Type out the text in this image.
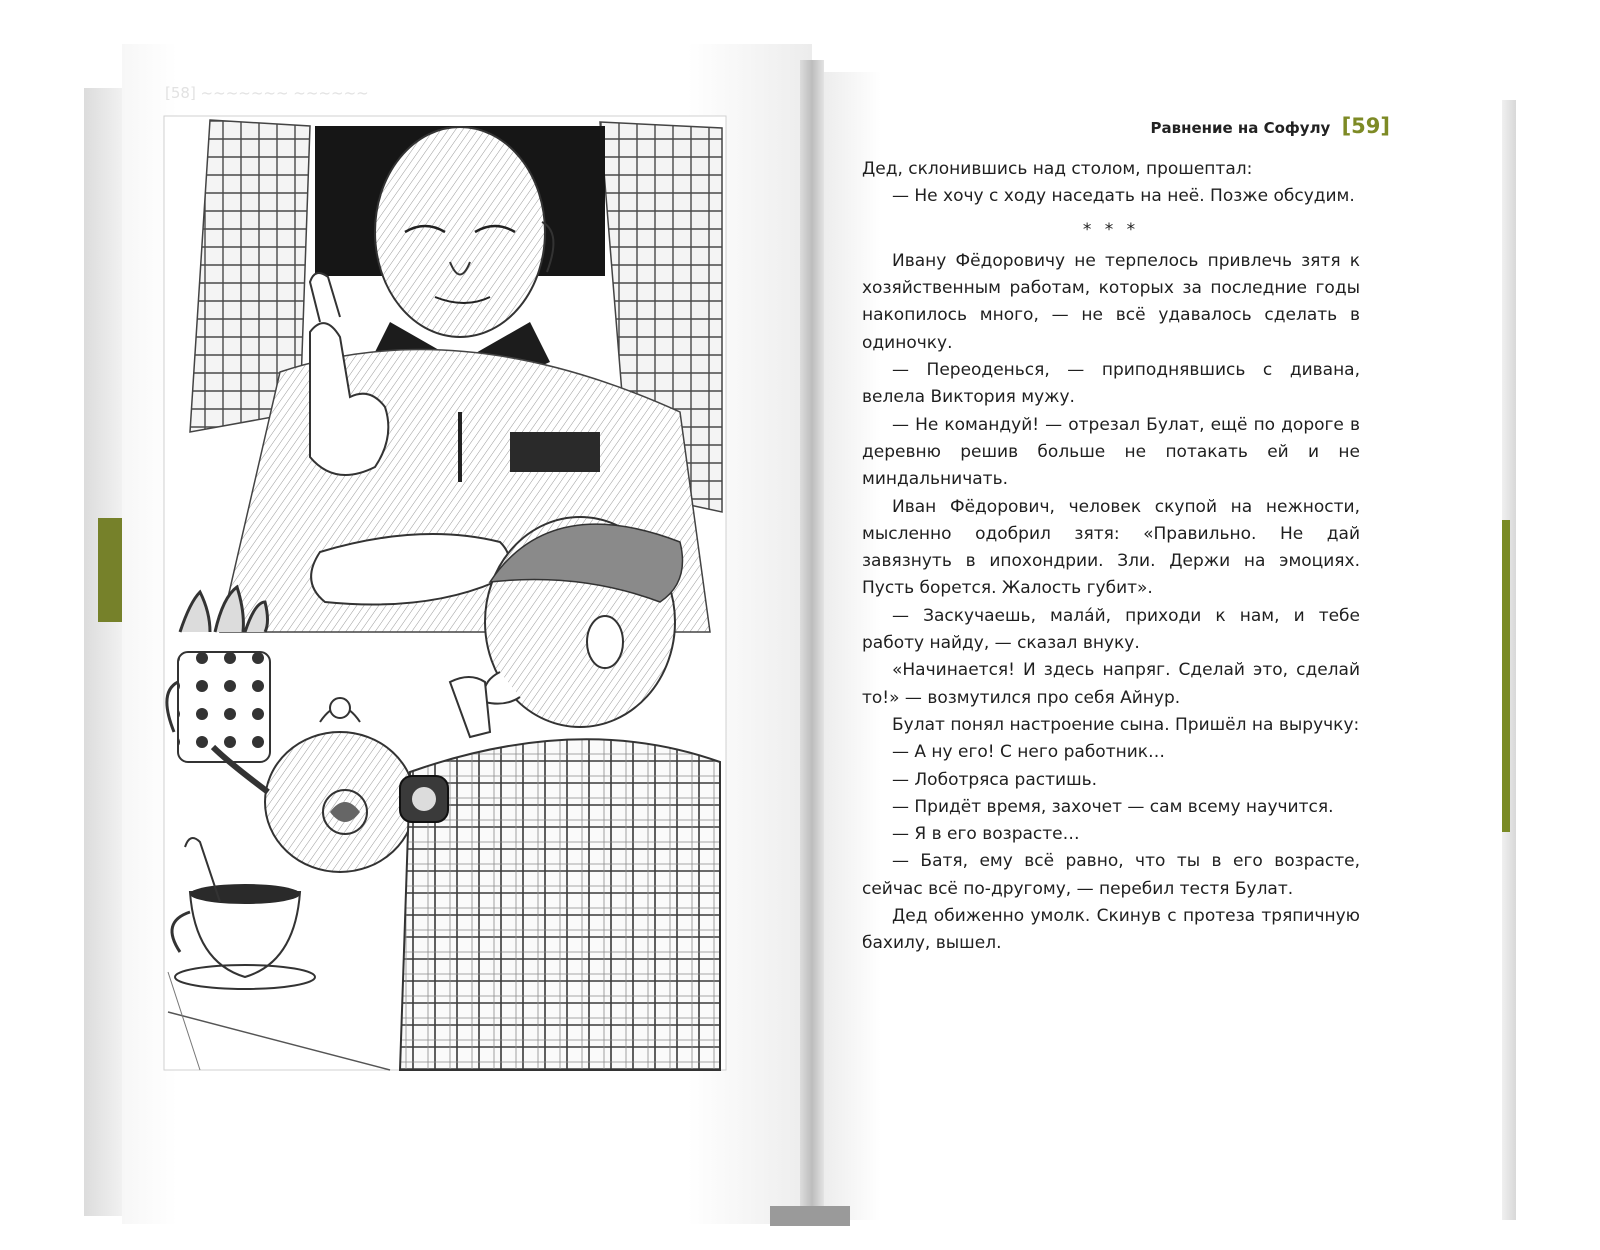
[58] ~~~~~~~ ~~~~~~
Равнение на Софулу [59]

Дед, склонившись над столом, прошептал:

— Не хочу с ходу наседать на неё. Позже обсудим.

* * *

Ивану Фёдоровичу не терпелось привлечь зятя к хозяйственным работам, которых за последние годы накопилось много, — не всё удавалось сделать в одиночку.

— Переоденься, — приподнявшись с дивана, велела Виктория мужу.

— Не командуй! — отрезал Булат, ещё по дороге в деревню решив больше не потакать ей и не миндальничать.

Иван Фёдорович, человек скупой на нежности, мысленно одобрил зятя: «Правильно. Не дай завязнуть в ипохондрии. Зли. Держи на эмоциях. Пусть борется. Жалость губит».

— Заскучаешь, мала́й, приходи к нам, и тебе работу найду, — сказал внуку.

«Начинается! И здесь напряг. Сделай это, сделай то!» — возмутился про себя Айнур.

Булат понял настроение сына. Пришёл на выручку:

— А ну его! С него работник…

— Лоботряса растишь.

— Придёт время, захочет — сам всему научится.

— Я в его возрасте…

— Батя, ему всё равно, что ты в его возрасте, сейчас всё по-другому, — перебил тестя Булат.

Дед обиженно умолк. Скинув с протеза тряпичную бахилу, вышел.
